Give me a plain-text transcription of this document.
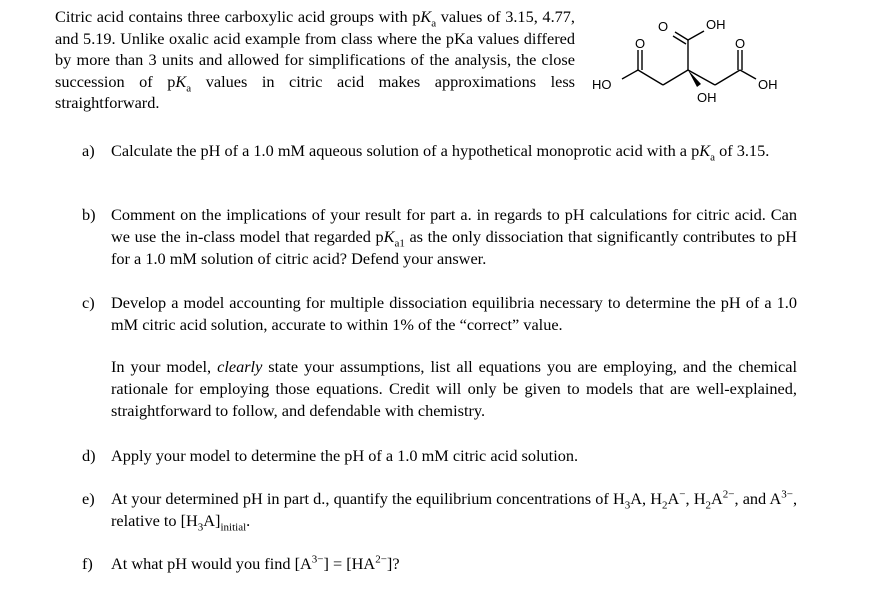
Citric acid contains three carboxylic acid groups with $pK_a$ values of 3.15, 4.77, and 5.19. Unlike oxalic acid example from class where the pKa values differed by more than 3 units and allowed for simplifications of the analysis, the close succession of $pK_a$ values in citric acid makes approximations less straightforward.
O	OH
O	O
HO	OH
OH
a) Calculate the pH of a 1.0 mM aqueous solution of a hypothetical monoprotic acid with a $pK_a$ of 3.15.
b) Comment on the implications of your result for part a. in regards to pH calculations for citric acid. Can we use the in-class model that regarded $pK_{a1}$ as the only dissociation that significantly contributes to pH for a 1.0 mM solution of citric acid? Defend your answer.
c) Develop a model accounting for multiple dissociation equilibria necessary to determine the pH of a 1.0 mM citric acid solution, accurate to within 1% of the “correct” value.
In your model, clearly state your assumptions, list all equations you are employing, and the chemical rationale for employing those equations. Credit will only be given to models that are well-explained, straightforward to follow, and defendable with chemistry.
d) Apply your model to determine the pH of a 1.0 mM citric acid solution.
e) At your determined pH in part d., quantify the equilibrium concentrations of $H_3A$, $H_2A^-$, $H_2A^{2-}$, and $A^{3-}$, relative to $[H_3A]_{initial}$.
f) At what pH would you find $[A^{3-}] = [HA^{2-}]$?
